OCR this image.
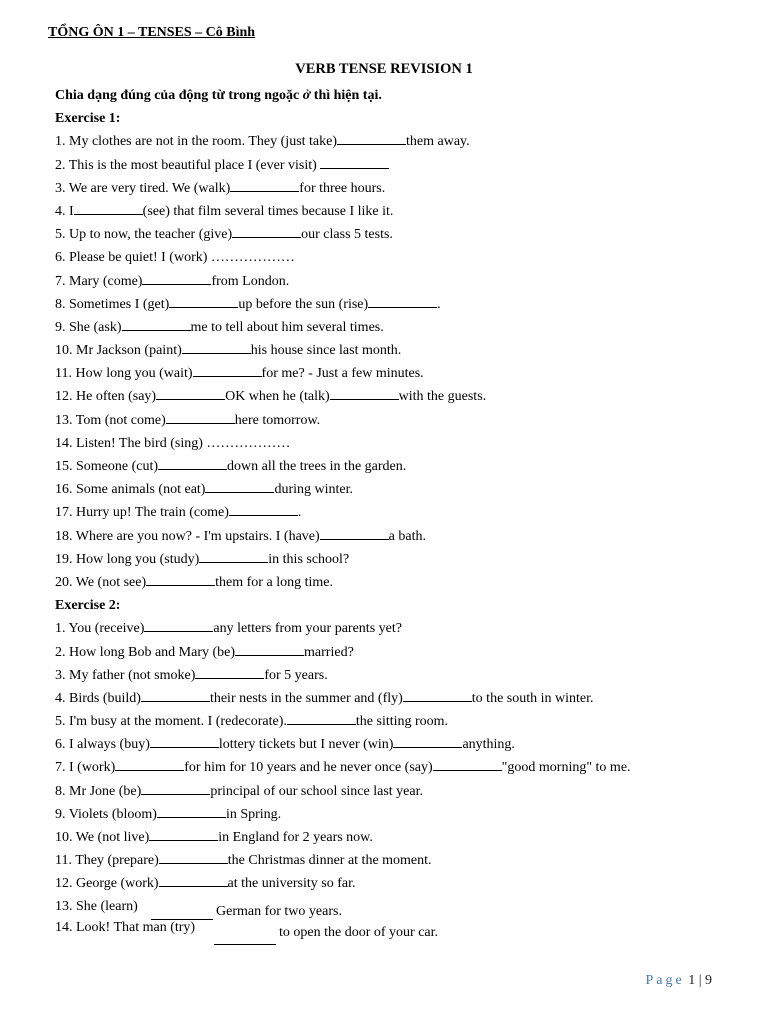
TỔNG ÔN 1 – TENSES – Cô Bình
VERB TENSE REVISION 1
Chia dạng đúng của động từ trong ngoặc ở thì hiện tại.
Exercise 1:
1. My clothes are not in the room. They (just take)	them away.
2. This is the most beautiful place I (ever visit)
3. We are very tired. We (walk)	for three hours.
4. I	(see) that film several times because I like it.
5. Up to now, the teacher (give)	our class 5 tests.
6. Please be quiet! I (work) ………………
7. Mary (come)	from London.
8. Sometimes I (get)	up before the sun (rise)	.
9. She (ask)	me to tell about him several times.
10. Mr Jackson (paint)	his house since last month.
11. How long you (wait)	for me? - Just a few minutes.
12. He often (say)	OK when he (talk)	with the guests.
13. Tom (not come)	here tomorrow.
14. Listen! The bird (sing) ………………
15. Someone (cut)	down all the trees in the garden.
16. Some animals (not eat)	during winter.
17. Hurry up! The train (come)	.
18. Where are you now? - I'm upstairs. I (have)	a bath.
19. How long you (study)	in this school?
20. We (not see)	them for a long time.
Exercise 2:
1. You (receive)	any letters from your parents yet?
2. How long Bob and Mary (be)	married?
3. My father (not smoke)	for 5 years.
4. Birds (build)	their nests in the summer and (fly)	to the south in winter.
5. I'm busy at the moment. I (redecorate).	the sitting room.
6. I always (buy)	lottery tickets but I never (win)	anything.
7. I (work)	for him for 10 years and he never once (say)	"good morning" to me.
8. Mr Jone (be)	principal of our school since last year.
9. Violets (bloom)	in Spring.
10. We (not live)	in England for 2 years now.
11. They (prepare)	the Christmas dinner at the moment.
12. George (work)	at the university so far.
13. She (learn)	German for two years.
14. Look! That man (try)	to open the door of your car.
Page 1 | 9
